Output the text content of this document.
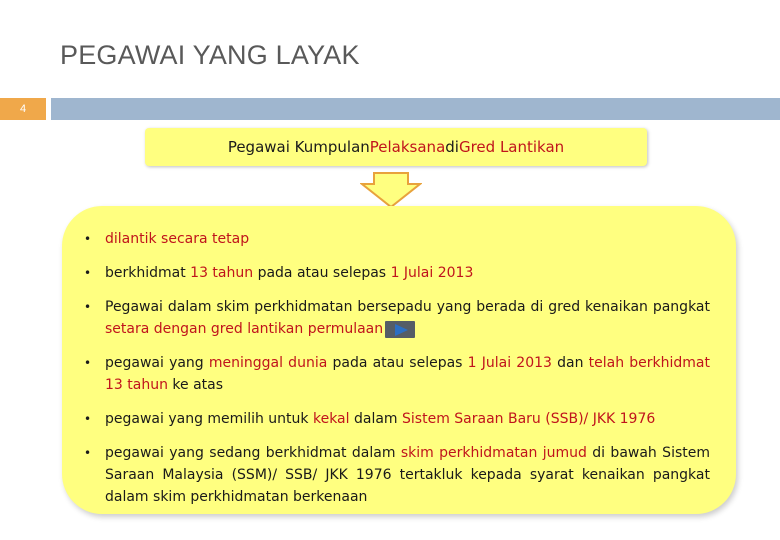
PEGAWAI YANG LAYAK
4
Pegawai Kumpulan Pelaksana di Gred Lantikan
• dilantik secara tetap
• berkhidmat 13 tahun pada atau selepas 1 Julai 2013
• Pegawai dalam skim perkhidmatan bersepadu yang berada di gred kenaikan pangkat setara dengan gred lantikan permulaan
• pegawai yang meninggal dunia pada atau selepas 1 Julai 2013 dan telah berkhidmat 13 tahun ke atas
• pegawai yang memilih untuk kekal dalam Sistem Saraan Baru (SSB)/ JKK 1976
• pegawai yang sedang berkhidmat dalam skim perkhidmatan jumud di bawah Sistem Saraan Malaysia (SSM)/ SSB/ JKK 1976 tertakluk kepada syarat kenaikan pangkat dalam skim perkhidmatan berkenaan
